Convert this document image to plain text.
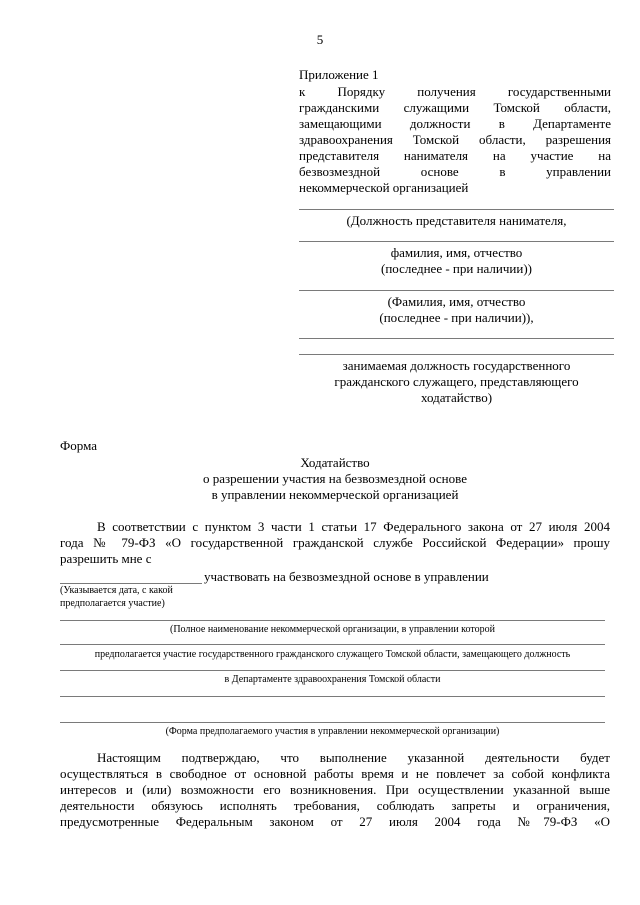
5
Приложение 1
к Порядку получения государственными
гражданскими служащими Томской области,
замещающими должности в Департаменте
здравоохранения Томской области, разрешения
представителя нанимателя на участие на
безвозмездной основе в управлении
некоммерческой организацией
(Должность представителя нанимателя,
фамилия, имя, отчество
(последнее - при наличии))
(Фамилия, имя, отчество
(последнее - при наличии)),
занимаемая должность государственного
гражданского служащего, представляющего
ходатайство)
Форма
Ходатайство
о разрешении участия на безвозмездной основе
в управлении некоммерческой организацией
В соответствии с пунктом 3 части 1 статьи 17 Федерального закона от 27 июля 2004
года № 79-ФЗ «О государственной гражданской службе Российской Федерации» прошу
разрешить мне с
участвовать на безвозмездной основе в управлении
(Указывается дата, с какой
предполагается участие)
(Полное наименование некоммерческой организации, в управлении которой
предполагается участие государственного гражданского служащего Томской области, замещающего должность
в Департаменте здравоохранения Томской области
(Форма предполагаемого участия в управлении некоммерческой организации)
Настоящим подтверждаю, что выполнение указанной деятельности будет
осуществляться в свободное от основной работы время и не повлечет за собой конфликта
интересов и (или) возможности его возникновения. При осуществлении указанной выше
деятельности обязуюсь исполнять требования, соблюдать запреты и ограничения,
предусмотренные Федеральным законом от 27 июля 2004 года №79-ФЗ «О
